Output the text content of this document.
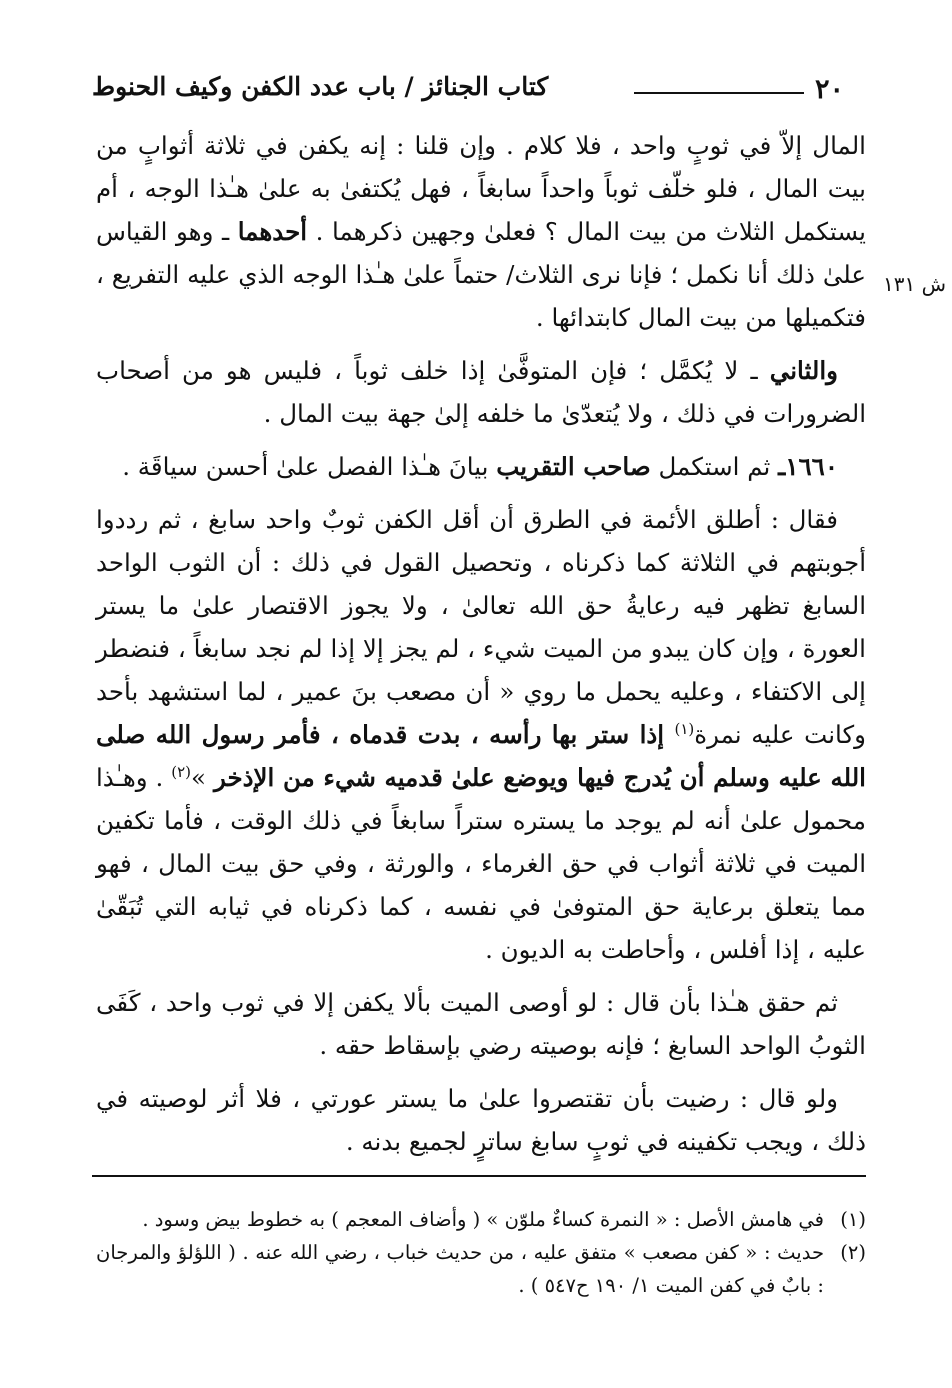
٢٠
كتاب الجنائز / باب عدد الكفن وكيف الحنوط
ش ١٣١

المال إلاّ في ثوبٍ واحد ، فلا كلام . وإن قلنا : إنه يكفن في ثلاثة أثوابٍ من بيت المال ، فلو خلّف ثوباً واحداً سابغاً ، فهل يُكتفىٰ به علىٰ هـٰذا الوجه ، أم يستكمل الثلاث من بيت المال ؟ فعلىٰ وجهين ذكرهما . أحدهما ـ وهو القياس علىٰ ذلك أنا نكمل ؛ فإنا نرى الثلاث/ حتماً علىٰ هـٰذا الوجه الذي عليه التفريع ، فتكميلها من بيت المال كابتدائها .

والثاني ـ لا يُكمَّل ؛ فإن المتوفَّىٰ إذا خلف ثوباً ، فليس هو من أصحاب الضرورات في ذلك ، ولا يُتعدّىٰ ما خلفه إلىٰ جهة بيت المال .

١٦٦٠ـ ثم استكمل صاحب التقريب بيانَ هـٰذا الفصل علىٰ أحسن سياقَة .

فقال : أطلق الأئمة في الطرق أن أقل الكفن ثوبٌ واحد سابغ ، ثم رددوا أجوبتهم في الثلاثة كما ذكرناه ، وتحصيل القول في ذلك : أن الثوب الواحد السابغ تظهر فيه رعايةُ حق الله تعالىٰ ، ولا يجوز الاقتصار علىٰ ما يستر العورة ، وإن كان يبدو من الميت شيء ، لم يجز إلا إذا لم نجد سابغاً ، فنضطر إلى الاكتفاء ، وعليه يحمل ما روي « أن مصعب بنَ عمير ، لما استشهد بأحد وكانت عليه نمرة$^{(١)}$ إذا ستر بها رأسه ، بدت قدماه ، فأمر رسول الله صلى الله عليه وسلم أن يُدرج فيها ويوضع علىٰ قدميه شيء من الإذخر »$^{(٢)}$ . وهـٰذا محمول علىٰ أنه لم يوجد ما يستره ستراً سابغاً في ذلك الوقت ، فأما تكفين الميت في ثلاثة أثواب في حق الغرماء ، والورثة ، وفي حق بيت المال ، فهو مما يتعلق برعاية حق المتوفىٰ في نفسه ، كما ذكرناه في ثيابه التي تُبَقّىٰ عليه ، إذا أفلس ، وأحاطت به الديون .

ثم حقق هـٰذا بأن قال : لو أوصى الميت بألا يكفن إلا في ثوب واحد ، كَفَى الثوبُ الواحد السابغ ؛ فإنه بوصيته رضي بإسقاط حقه .

ولو قال : رضيت بأن تقتصروا علىٰ ما يستر عورتي ، فلا أثر لوصيته في ذلك ، ويجب تكفينه في ثوبٍ سابغ ساترٍ لجميع بدنه .

(١)
في هامش الأصل : « النمرة كساءٌ ملوّن » ( وأضاف المعجم ) به خطوط بيض وسود .

(٢)
حديث : « كفن مصعب » متفق عليه ، من حديث خباب ، رضي الله عنه . ( اللؤلؤ والمرجان : بابٌ في كفن الميت ١/ ١٩٠ ح٥٤٧ ) .
